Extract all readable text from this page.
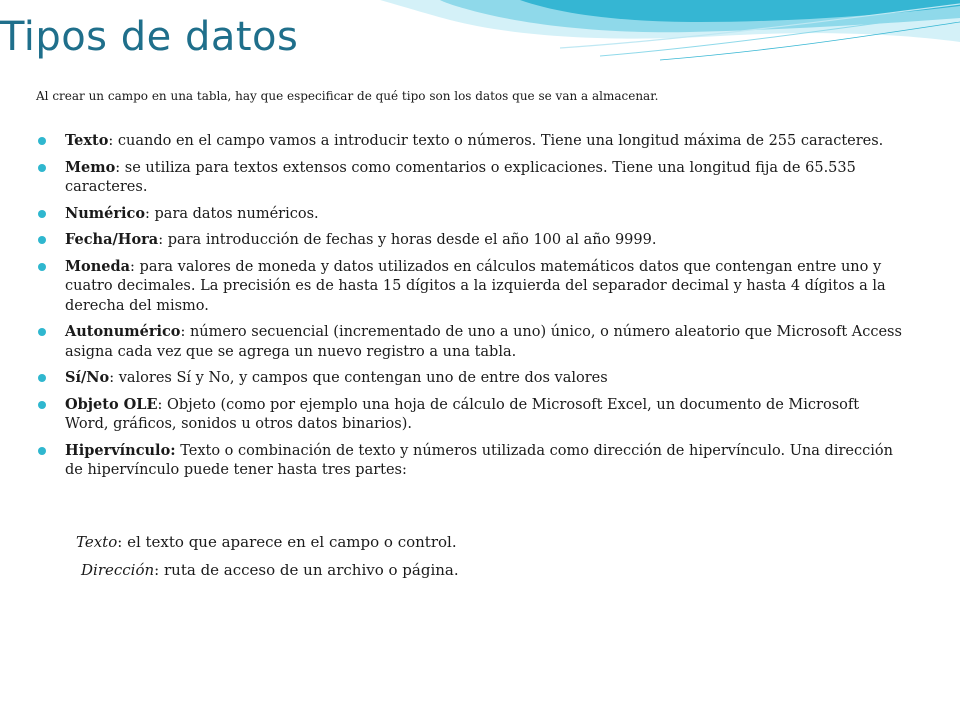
Tipos de datos

Al crear un campo en una tabla, hay que especificar de qué tipo son los datos que se van a almacenar.

Texto: cuando en el campo vamos a introducir texto o números. Tiene una longitud máxima de 255 caracteres.
Memo: se utiliza para textos extensos como comentarios o explicaciones. Tiene una longitud fija de 65.535 caracteres.
Numérico: para datos numéricos.
Fecha/Hora: para introducción de fechas y horas desde el año 100 al año 9999.
Moneda: para valores de moneda y datos utilizados en cálculos matemáticos datos que contengan entre uno y cuatro decimales. La precisión es de hasta 15 dígitos a la izquierda del separador decimal y hasta 4 dígitos a la derecha del mismo.
Autonumérico: número secuencial (incrementado de uno a uno) único, o número aleatorio que Microsoft Access asigna cada vez que se agrega un nuevo registro a una tabla.
Sí/No: valores Sí y No, y campos que contengan uno de entre dos valores
Objeto OLE: Objeto (como por ejemplo una hoja de cálculo de Microsoft Excel, un documento de Microsoft Word, gráficos, sonidos u otros datos binarios).
Hipervínculo: Texto o combinación de texto y números utilizada como dirección de hipervínculo. Una dirección de hipervínculo puede tener hasta tres partes:

Texto: el texto que aparece en el campo o control.

Dirección: ruta de acceso de un archivo o página.
